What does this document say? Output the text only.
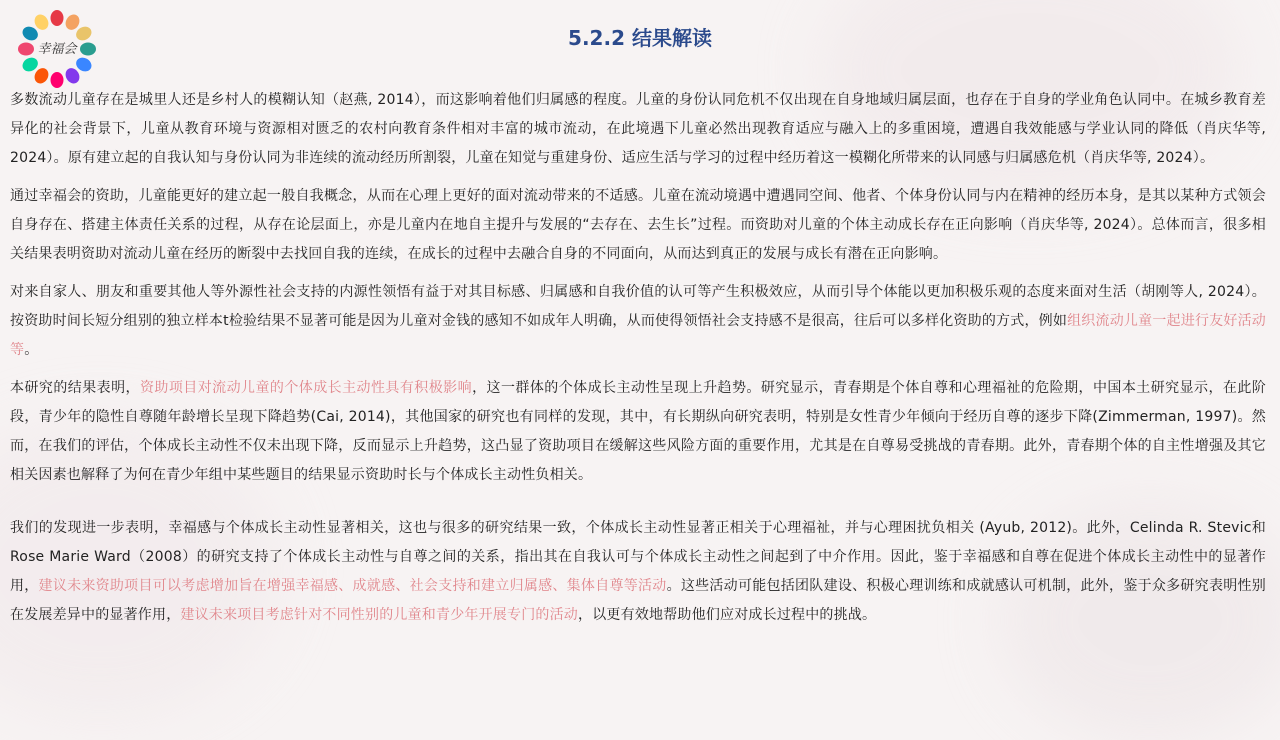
幸福会	5.2.2 结果解读

多数流动儿童存在是城里人还是乡村人的模糊认知（赵燕, 2014），而这影响着他们归属感的程度。儿童的身份认同危机不仅出现在自身地域归属层面，也存在于自身的学业角色认同中。在城乡教育差异化的社会背景下，儿童从教育环境与资源相对匮乏的农村向教育条件相对丰富的城市流动，在此境遇下儿童必然出现教育适应与融入上的多重困境，遭遇自我效能感与学业认同的降低（肖庆华等, 2024）。原有建立起的自我认知与身份认同为非连续的流动经历所割裂，儿童在知觉与重建身份、适应生活与学习的过程中经历着这一模糊化所带来的认同感与归属感危机（肖庆华等, 2024）。

通过幸福会的资助，儿童能更好的建立起一般自我概念，从而在心理上更好的面对流动带来的不适感。儿童在流动境遇中遭遇同空间、他者、个体身份认同与内在精神的经历本身，是其以某种方式领会自身存在、搭建主体责任关系的过程，从存在论层面上，亦是儿童内在地自主提升与发展的“去存在、去生长”过程。而资助对儿童的个体主动成长存在正向影响（肖庆华等, 2024）。总体而言，很多相关结果表明资助对流动儿童在经历的断裂中去找回自我的连续，在成长的过程中去融合自身的不同面向，从而达到真正的发展与成长有潜在正向影响。

对来自家人、朋友和重要其他人等外源性社会支持的内源性领悟有益于对其目标感、归属感和自我价值的认可等产生积极效应，从而引导个体能以更加积极乐观的态度来面对生活（胡刚等人, 2024）。按资助时间长短分组别的独立样本t检验结果不显著可能是因为儿童对金钱的感知不如成年人明确，从而使得领悟社会支持感不是很高，往后可以多样化资助的方式，例如组织流动儿童一起进行友好活动等。

本研究的结果表明，资助项目对流动儿童的个体成长主动性具有积极影响，这一群体的个体成长主动性呈现上升趋势。研究显示，青春期是个体自尊和心理福祉的危险期，中国本土研究显示，在此阶段，青少年的隐性自尊随年龄增长呈现下降趋势(Cai, 2014)，其他国家的研究也有同样的发现，其中，有长期纵向研究表明，特别是女性青少年倾向于经历自尊的逐步下降(Zimmerman, 1997)。然而，在我们的评估，个体成长主动性不仅未出现下降，反而显示上升趋势，这凸显了资助项目在缓解这些风险方面的重要作用，尤其是在自尊易受挑战的青春期。此外，青春期个体的自主性增强及其它相关因素也解释了为何在青少年组中某些题目的结果显示资助时长与个体成长主动性负相关。

我们的发现进一步表明，幸福感与个体成长主动性显著相关，这也与很多的研究结果一致，个体成长主动性显著正相关于心理福祉，并与心理困扰负相关 (Ayub, 2012)。此外，Celinda R. Stevic和Rose Marie Ward（2008）的研究支持了个体成长主动性与自尊之间的关系，指出其在自我认可与个体成长主动性之间起到了中介作用。因此，鉴于幸福感和自尊在促进个体成长主动性中的显著作用，建议未来资助项目可以考虑增加旨在增强幸福感、成就感、社会支持和建立归属感、集体自尊等活动。这些活动可能包括团队建设、积极心理训练和成就感认可机制，此外，鉴于众多研究表明性别在发展差异中的显著作用，建议未来项目考虑针对不同性别的儿童和青少年开展专门的活动，以更有效地帮助他们应对成长过程中的挑战。
